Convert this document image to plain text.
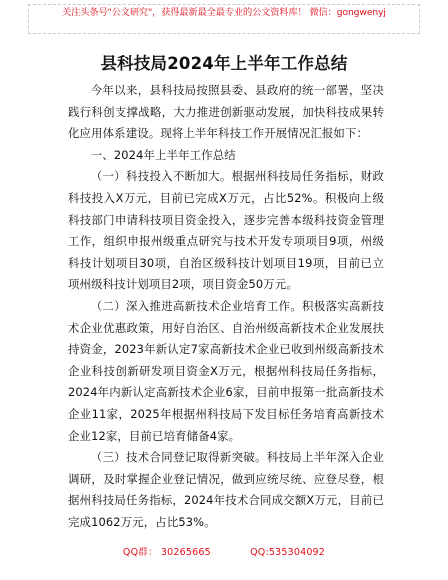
关注头条号"公文研究"，获得最新最全最专业的公文资料库！ 微信：gongwenyj
县科技局2024年上半年工作总结

今年以来，县科技局按照县委、县政府的统一部署，坚决践行科创支撑战略，大力推进创新驱动发展，加快科技成果转化应用体系建设。现将上半年科技工作开展情况汇报如下：

一、2024年上半年工作总结

（一）科技投入不断加大。根据州科技局任务指标，财政科技投入X万元，目前已完成X万元，占比52%。积极向上级科技部门申请科技项目资金投入，逐步完善本级科技资金管理工作，组织申报州级重点研究与技术开发专项项目9项，州级科技计划项目30项，自治区级科技计划项目19项，目前已立项州级科技计划项目2项，项目资金50万元。

（二）深入推进高新技术企业培育工作。积极落实高新技术企业优惠政策，用好自治区、自治州级高新技术企业发展扶持资金，2023年新认定7家高新技术企业已收到州级高新技术企业科技创新研发项目资金X万元，根据州科技局任务指标，2024年内新认定高新技术企业6家，目前申报第一批高新技术企业11家，2025年根据州科技局下发目标任务培育高新技术企业12家，目前已培育储备4家。

（三）技术合同登记取得新突破。科技局上半年深入企业调研，及时掌握企业登记情况，做到应统尽统、应登尽登，根据州科技局任务指标，2024年技术合同成交额X万元，目前已完成1062万元，占比53%。

QQ群： 30265665	QQ:535304092
